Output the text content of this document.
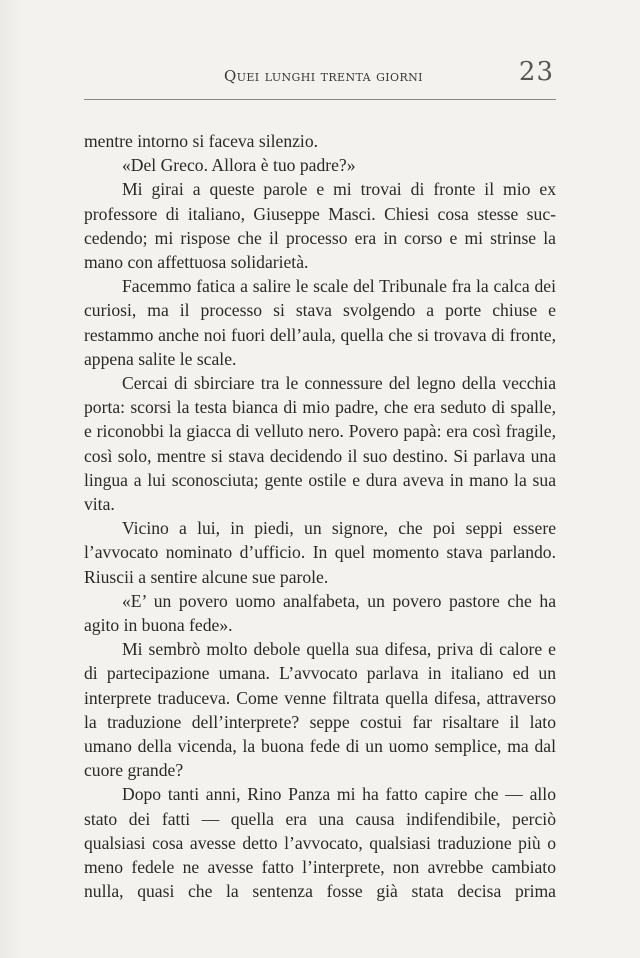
Quei lunghi trenta giorni	23

mentre intorno si faceva silenzio.

«Del Greco. Allora è tuo padre?»

Mi girai a queste parole e mi trovai di fronte il mio ex professore di italiano, Giuseppe Masci. Chiesi cosa stesse succedendo; mi rispose che il processo era in corso e mi strinse la mano con affettuosa solidarietà.

Facemmo fatica a salire le scale del Tribunale fra la calca dei curiosi, ma il processo si stava svolgendo a porte chiuse e restammo anche noi fuori dell’aula, quella che si trovava di fronte, appena salite le scale.

Cercai di sbirciare tra le connessure del legno della vecchia porta: scorsi la testa bianca di mio padre, che era seduto di spalle, e riconobbi la giacca di velluto nero. Povero papà: era così fragile, così solo, mentre si stava decidendo il suo destino. Si parlava una lingua a lui sconosciuta; gente ostile e dura aveva in mano la sua vita.

Vicino a lui, in piedi, un signore, che poi seppi essere l’avvocato nominato d’ufficio. In quel momento stava parlando. Riuscii a sentire alcune sue parole.

«E’ un povero uomo analfabeta, un povero pastore che ha agito in buona fede».

Mi sembrò molto debole quella sua difesa, priva di calore e di partecipazione umana. L’avvocato parlava in italiano ed un interprete traduceva. Come venne filtrata quella difesa, attraverso la traduzione dell’interprete? seppe costui far risaltare il lato umano della vicenda, la buona fede di un uomo semplice, ma dal cuore grande?

Dopo tanti anni, Rino Panza mi ha fatto capire che — allo stato dei fatti — quella era una causa indifendibile, perciò qualsiasi cosa avesse detto l’avvocato, qualsiasi traduzione più o meno fedele ne avesse fatto l’interprete, non avrebbe cambiato nulla, quasi che la sentenza fosse già stata decisa prima
